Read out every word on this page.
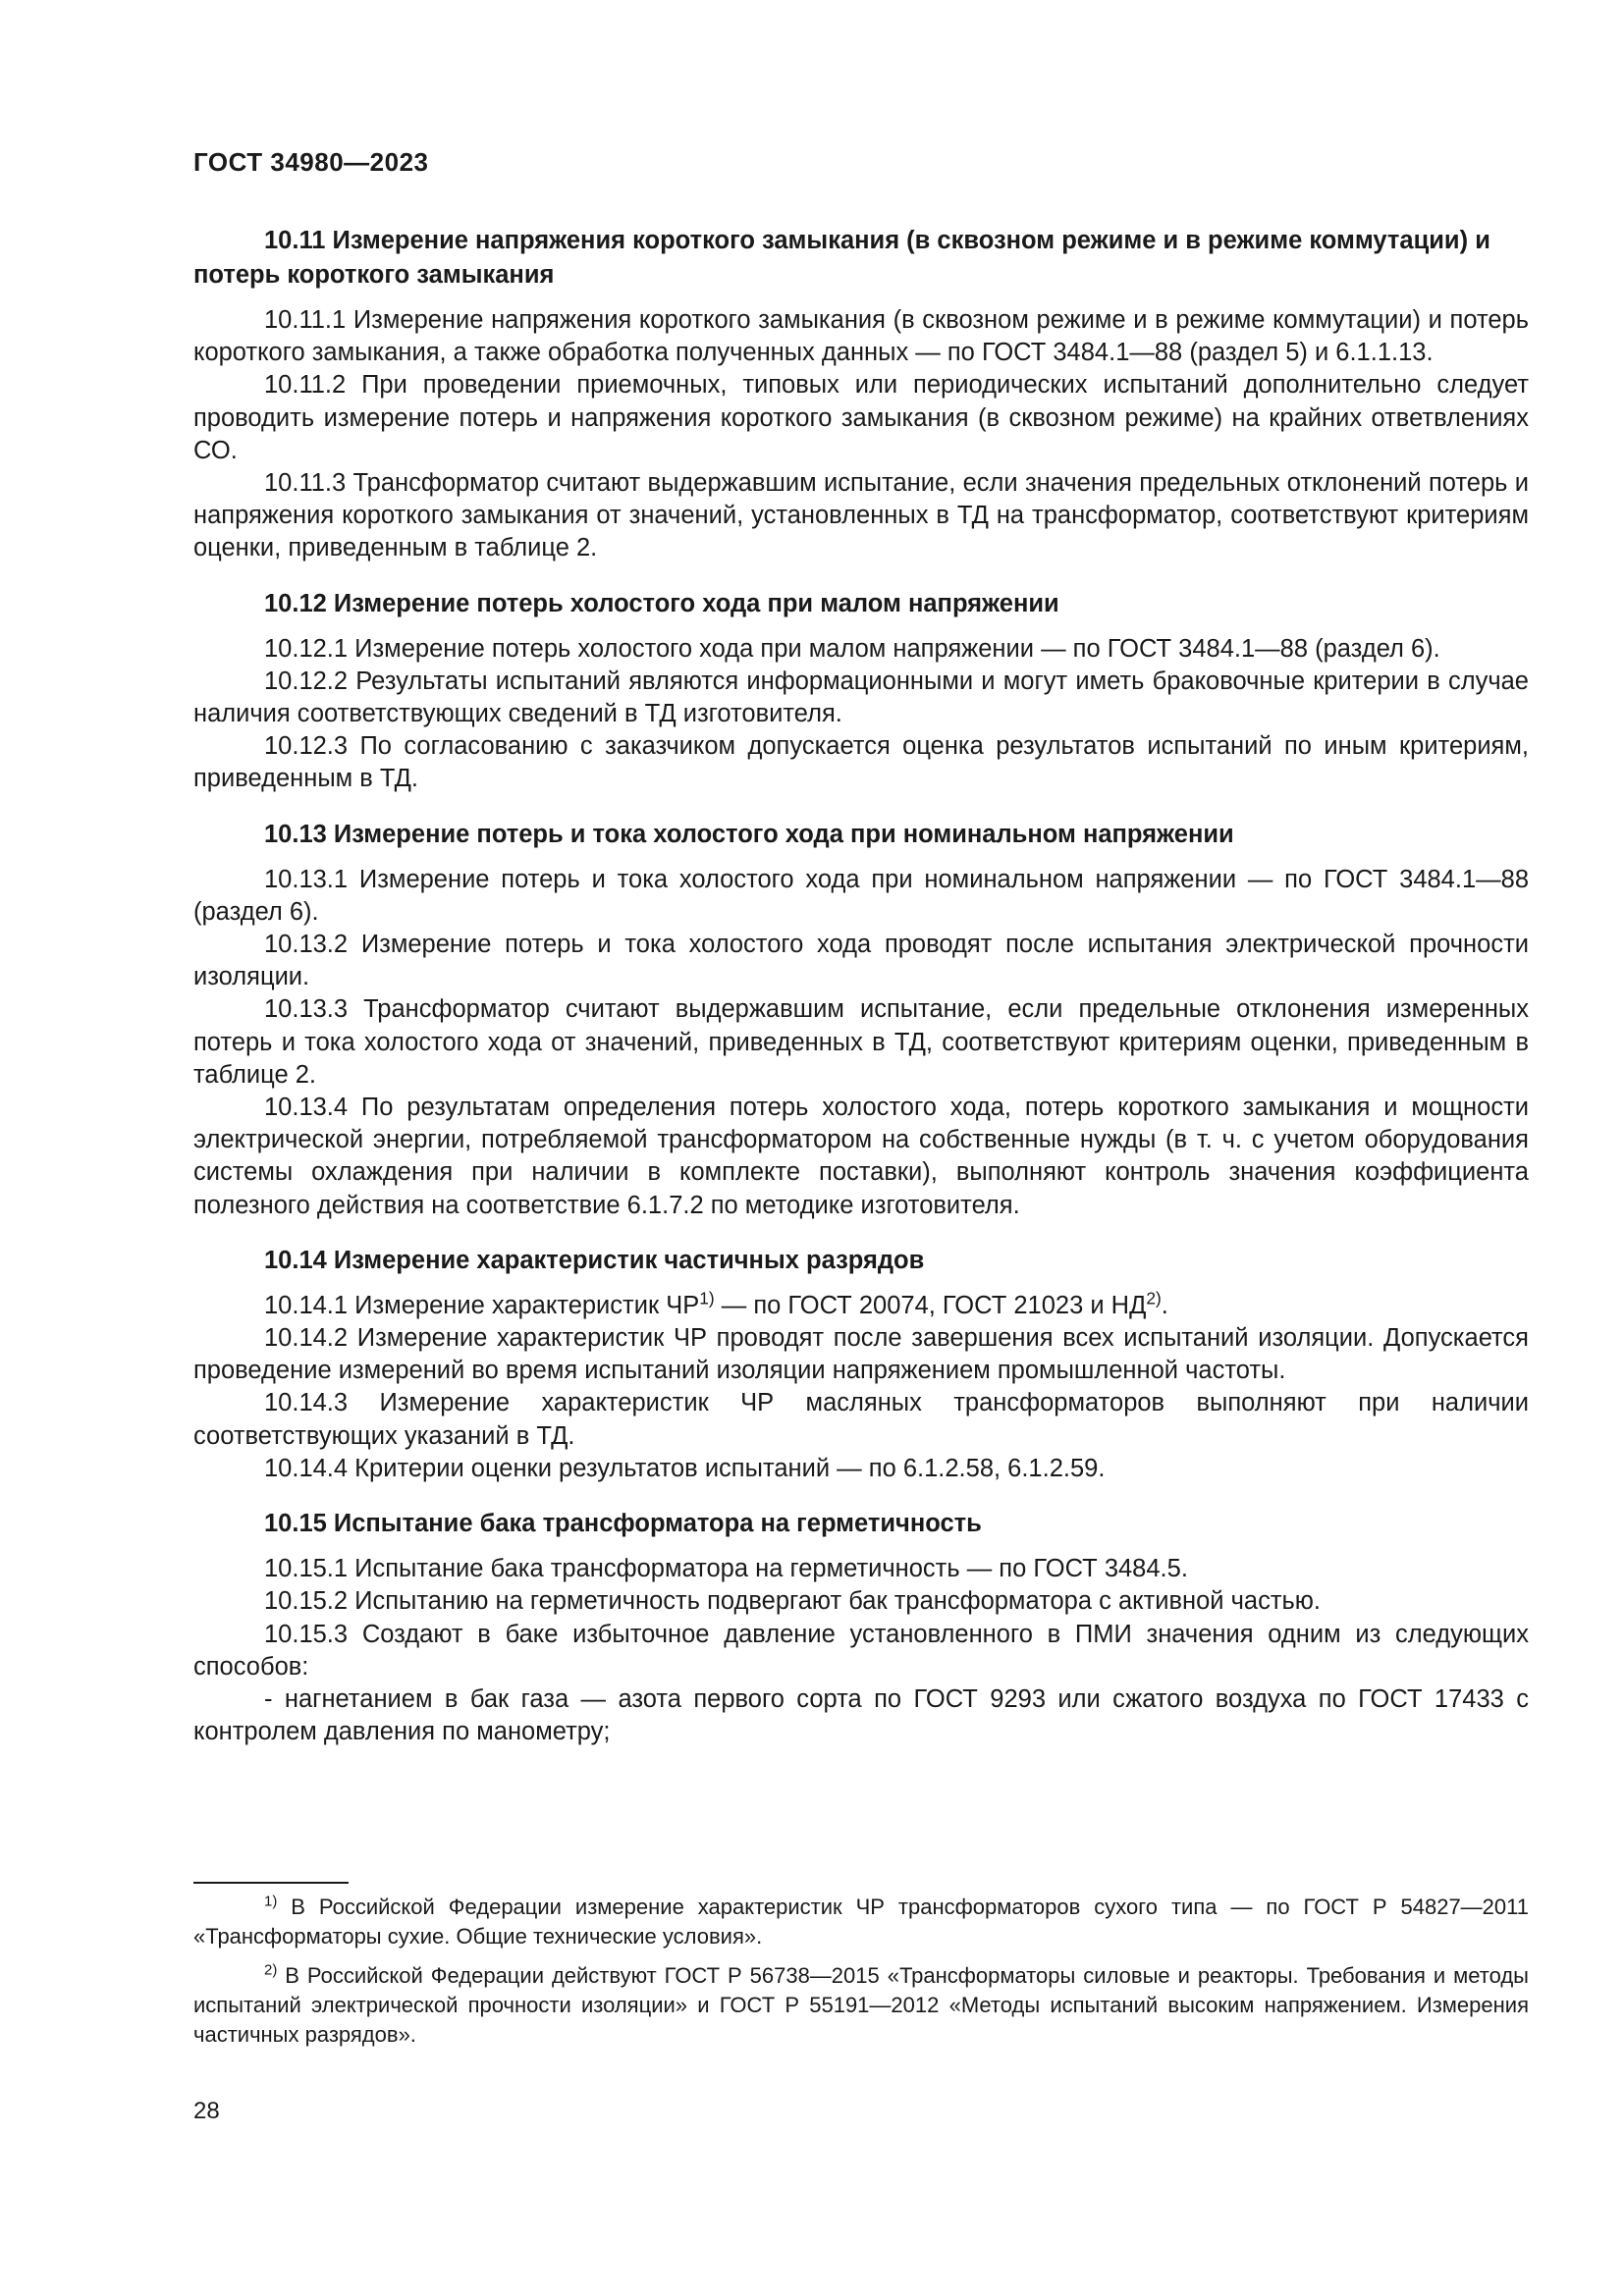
ГОСТ 34980—2023

10.11 Измерение напряжения короткого замыкания (в сквозном режиме и в режиме коммутации) и потерь короткого замыкания

10.11.1 Измерение напряжения короткого замыкания (в сквозном режиме и в режиме коммутации) и потерь короткого замыкания, а также обработка полученных данных — по ГОСТ 3484.1—88 (раздел 5) и 6.1.1.13.

10.11.2 При проведении приемочных, типовых или периодических испытаний дополнительно следует проводить измерение потерь и напряжения короткого замыкания (в сквозном режиме) на крайних ответвлениях СО.

10.11.3 Трансформатор считают выдержавшим испытание, если значения предельных отклонений потерь и напряжения короткого замыкания от значений, установленных в ТД на трансформатор, соответствуют критериям оценки, приведенным в таблице 2.

10.12 Измерение потерь холостого хода при малом напряжении

10.12.1 Измерение потерь холостого хода при малом напряжении — по ГОСТ 3484.1—88 (раздел 6).

10.12.2 Результаты испытаний являются информационными и могут иметь браковочные критерии в случае наличия соответствующих сведений в ТД изготовителя.

10.12.3 По согласованию с заказчиком допускается оценка результатов испытаний по иным критериям, приведенным в ТД.

10.13 Измерение потерь и тока холостого хода при номинальном напряжении

10.13.1 Измерение потерь и тока холостого хода при номинальном напряжении — по ГОСТ 3484.1—88 (раздел 6).

10.13.2 Измерение потерь и тока холостого хода проводят после испытания электрической прочности изоляции.

10.13.3 Трансформатор считают выдержавшим испытание, если предельные отклонения измеренных потерь и тока холостого хода от значений, приведенных в ТД, соответствуют критериям оценки, приведенным в таблице 2.

10.13.4 По результатам определения потерь холостого хода, потерь короткого замыкания и мощности электрической энергии, потребляемой трансформатором на собственные нужды (в т. ч. с учетом оборудования системы охлаждения при наличии в комплекте поставки), выполняют контроль значения коэффициента полезного действия на соответствие 6.1.7.2 по методике изготовителя.

10.14 Измерение характеристик частичных разрядов

10.14.1 Измерение характеристик ЧР$^{1)}$ — по ГОСТ 20074, ГОСТ 21023 и НД$^{2)}$.

10.14.2 Измерение характеристик ЧР проводят после завершения всех испытаний изоляции. Допускается проведение измерений во время испытаний изоляции напряжением промышленной частоты.

10.14.3 Измерение характеристик ЧР масляных трансформаторов выполняют при наличии соответствующих указаний в ТД.

10.14.4 Критерии оценки результатов испытаний — по 6.1.2.58, 6.1.2.59.

10.15 Испытание бака трансформатора на герметичность

10.15.1 Испытание бака трансформатора на герметичность — по ГОСТ 3484.5.

10.15.2 Испытанию на герметичность подвергают бак трансформатора с активной частью.

10.15.3 Создают в баке избыточное давление установленного в ПМИ значения одним из следующих способов:

- нагнетанием в бак газа — азота первого сорта по ГОСТ 9293 или сжатого воздуха по ГОСТ 17433 с контролем давления по манометру;

$^{1)}$ В Российской Федерации измерение характеристик ЧР трансформаторов сухого типа — по ГОСТ Р 54827—2011 «Трансформаторы сухие. Общие технические условия».

$^{2)}$ В Российской Федерации действуют ГОСТ Р 56738—2015 «Трансформаторы силовые и реакторы. Требования и методы испытаний электрической прочности изоляции» и ГОСТ Р 55191—2012 «Методы испытаний высоким напряжением. Измерения частичных разрядов».

28
